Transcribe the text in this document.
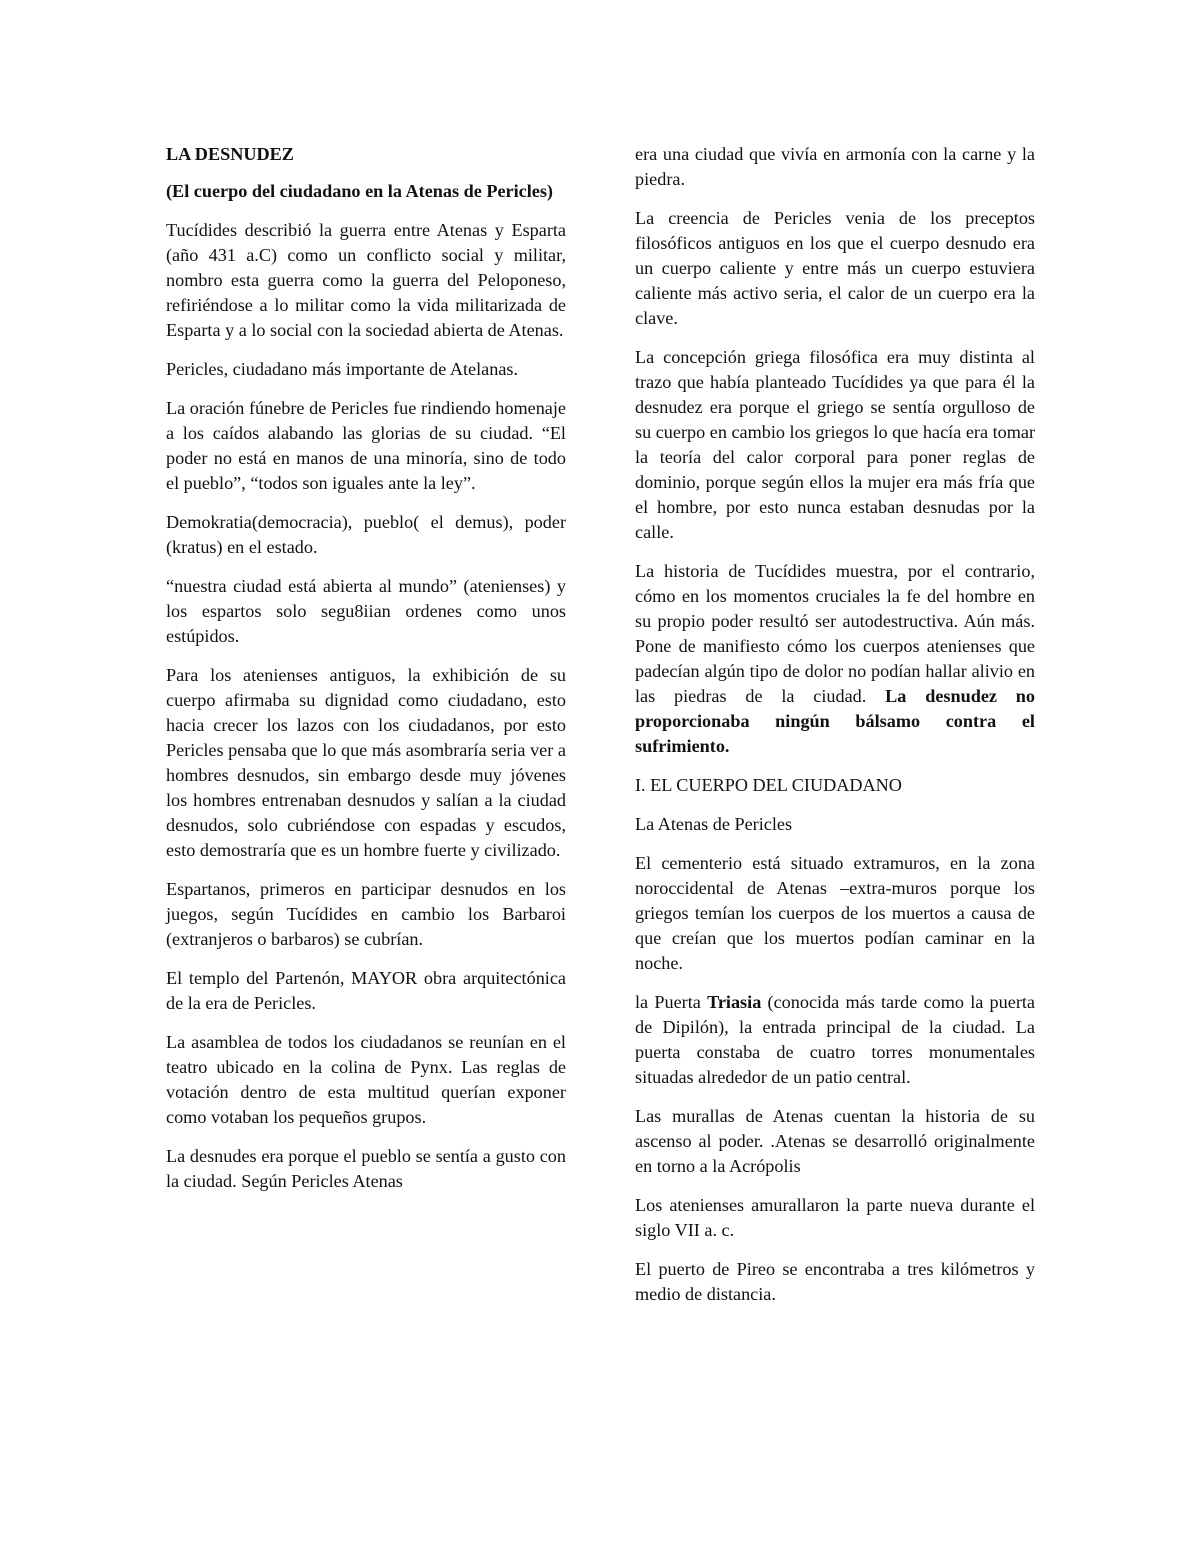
LA DESNUDEZ

(El cuerpo del ciudadano en la Atenas de Pericles)

Tucídides describió la guerra entre Atenas y Esparta (año 431 a.C) como un conflicto social y militar, nombro esta guerra como la guerra del Peloponeso, refiriéndose a lo militar como la vida militarizada de Esparta y a lo social con la sociedad abierta de Atenas.

Pericles, ciudadano más importante de Atelanas.

La oración fúnebre de Pericles fue rindiendo homenaje a los caídos alabando las glorias de su ciudad. “El poder no está en manos de una minoría, sino de todo el pueblo”, “todos son iguales ante la ley”.

Demokratia(democracia), pueblo( el demus), poder (kratus) en el estado.

“nuestra ciudad está abierta al mundo” (atenienses) y los espartos solo segu8iian ordenes como unos estúpidos.

Para los atenienses antiguos, la exhibición de su cuerpo afirmaba su dignidad como ciudadano, esto hacia crecer los lazos con los ciudadanos, por esto Pericles pensaba que lo que más asombraría seria ver a hombres desnudos, sin embargo desde muy jóvenes los hombres entrenaban desnudos y salían a la ciudad desnudos, solo cubriéndose con espadas y escudos, esto demostraría que es un hombre fuerte y civilizado.

Espartanos, primeros en participar desnudos en los juegos, según Tucídides en cambio los Barbaroi (extranjeros o barbaros) se cubrían.

El templo del Partenón, MAYOR obra arquitectónica de la era de Pericles.

La asamblea de todos los ciudadanos se reunían en el teatro ubicado en la colina de Pynx. Las reglas de votación dentro de esta multitud querían exponer como votaban los pequeños grupos.

La desnudes era porque el pueblo se sentía a gusto con la ciudad. Según Pericles Atenas

era una ciudad que vivía en armonía con la carne y la piedra.

La creencia de Pericles venia de los preceptos filosóficos antiguos en los que el cuerpo desnudo era un cuerpo caliente y entre más un cuerpo estuviera caliente más activo seria, el calor de un cuerpo era la clave.

La concepción griega filosófica era muy distinta al trazo que había planteado Tucídides ya que para él la desnudez era porque el griego se sentía orgulloso de su cuerpo en cambio los griegos lo que hacía era tomar la teoría del calor corporal para poner reglas de dominio, porque según ellos la mujer era más fría que el hombre, por esto nunca estaban desnudas por la calle.

La historia de Tucídides muestra, por el contrario, cómo en los momentos cruciales la fe del hombre en su propio poder resultó ser autodestructiva. Aún más. Pone de manifiesto cómo los cuerpos atenienses que padecían algún tipo de dolor no podían hallar alivio en las piedras de la ciudad. La desnudez no proporcionaba ningún bálsamo contra el sufrimiento.

I. EL CUERPO DEL CIUDADANO

La Atenas de Pericles

El cementerio está situado extramuros, en la zona noroccidental de Atenas –extra-muros porque los griegos temían los cuerpos de los muertos a causa de que creían que los muertos podían caminar en la noche.

la Puerta Triasia (conocida más tarde como la puerta de Dipilón), la entrada principal de la ciudad. La puerta constaba de cuatro torres monumentales situadas alrededor de un patio central.

Las murallas de Atenas cuentan la historia de su ascenso al poder. .Atenas se desarrolló originalmente en torno a la Acrópolis

Los atenienses amurallaron la parte nueva durante el siglo VII a. c.

El puerto de Pireo se encontraba a tres kilómetros y medio de distancia.
